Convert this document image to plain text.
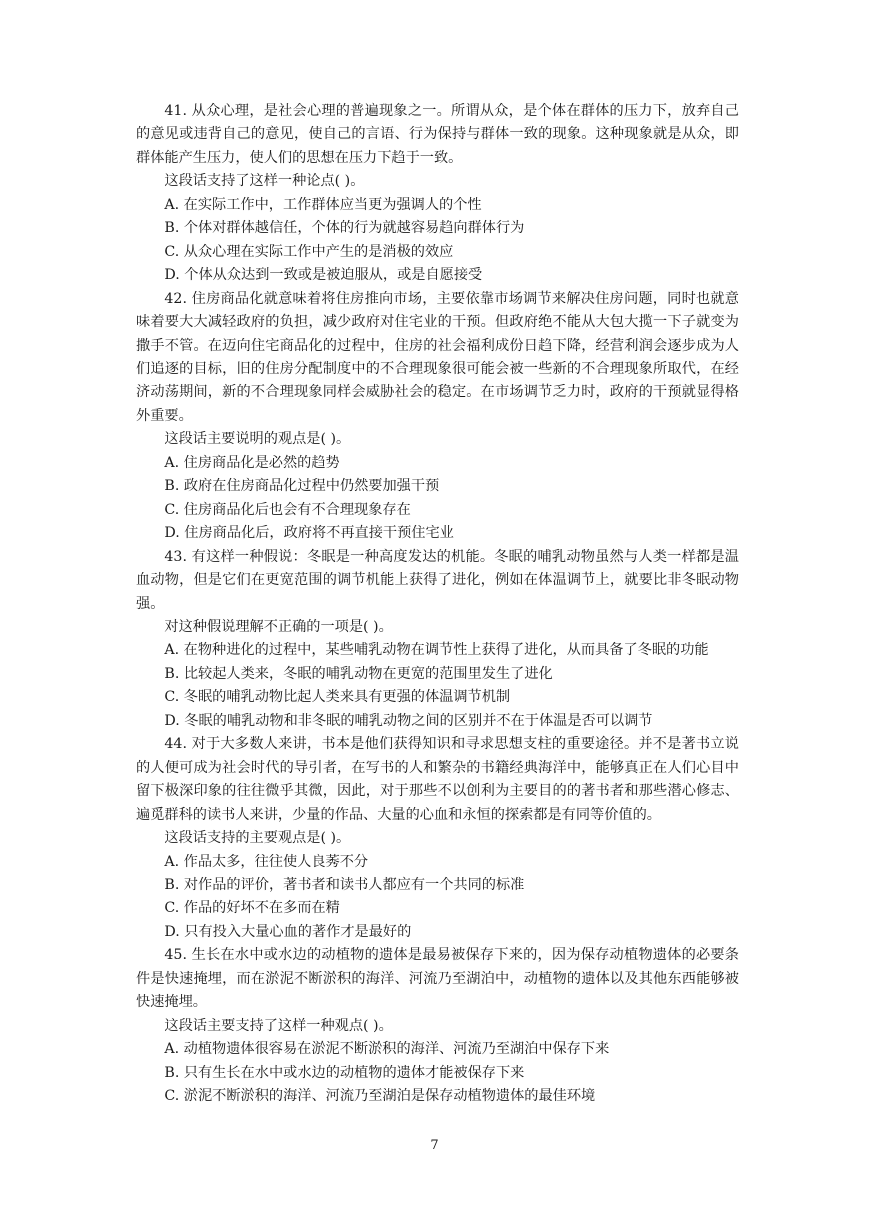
41. 从众心理，是社会心理的普遍现象之一。所谓从众，是个体在群体的压力下，放弃自己的意见或违背自己的意见，使自己的言语、行为保持与群体一致的现象。这种现象就是从众，即群体能产生压力，使人们的思想在压力下趋于一致。

这段话支持了这样一种论点( )。

A. 在实际工作中，工作群体应当更为强调人的个性

B. 个体对群体越信任，个体的行为就越容易趋向群体行为

C. 从众心理在实际工作中产生的是消极的效应

D. 个体从众达到一致或是被迫服从，或是自愿接受

42. 住房商品化就意味着将住房推向市场，主要依靠市场调节来解决住房问题，同时也就意味着要大大减轻政府的负担，减少政府对住宅业的干预。但政府绝不能从大包大揽一下子就变为撒手不管。在迈向住宅商品化的过程中，住房的社会福利成份日趋下降，经营利润会逐步成为人们追逐的目标，旧的住房分配制度中的不合理现象很可能会被一些新的不合理现象所取代，在经济动荡期间，新的不合理现象同样会威胁社会的稳定。在市场调节乏力时，政府的干预就显得格外重要。

这段话主要说明的观点是( )。

A. 住房商品化是必然的趋势

B. 政府在住房商品化过程中仍然要加强干预

C. 住房商品化后也会有不合理现象存在

D. 住房商品化后，政府将不再直接干预住宅业

43. 有这样一种假说：冬眠是一种高度发达的机能。冬眠的哺乳动物虽然与人类一样都是温血动物，但是它们在更宽范围的调节机能上获得了进化，例如在体温调节上，就要比非冬眠动物强。

对这种假说理解不正确的一项是( )。

A. 在物种进化的过程中，某些哺乳动物在调节性上获得了进化，从而具备了冬眠的功能

B. 比较起人类来，冬眠的哺乳动物在更宽的范围里发生了进化

C. 冬眠的哺乳动物比起人类来具有更强的体温调节机制

D. 冬眠的哺乳动物和非冬眠的哺乳动物之间的区别并不在于体温是否可以调节

44. 对于大多数人来讲，书本是他们获得知识和寻求思想支柱的重要途径。并不是著书立说的人便可成为社会时代的导引者，在写书的人和繁杂的书籍经典海洋中，能够真正在人们心目中留下极深印象的往往微乎其微，因此，对于那些不以创利为主要目的的著书者和那些潜心修志、遍觅群科的读书人来讲，少量的作品、大量的心血和永恒的探索都是有同等价值的。

这段话支持的主要观点是( )。

A. 作品太多，往往使人良莠不分

B. 对作品的评价，著书者和读书人都应有一个共同的标准

C. 作品的好坏不在多而在精

D. 只有投入大量心血的著作才是最好的

45. 生长在水中或水边的动植物的遗体是最易被保存下来的，因为保存动植物遗体的必要条件是快速掩埋，而在淤泥不断淤积的海洋、河流乃至湖泊中，动植物的遗体以及其他东西能够被快速掩埋。

这段话主要支持了这样一种观点( )。

A. 动植物遗体很容易在淤泥不断淤积的海洋、河流乃至湖泊中保存下来

B. 只有生长在水中或水边的动植物的遗体才能被保存下来

C. 淤泥不断淤积的海洋、河流乃至湖泊是保存动植物遗体的最佳环境

7
